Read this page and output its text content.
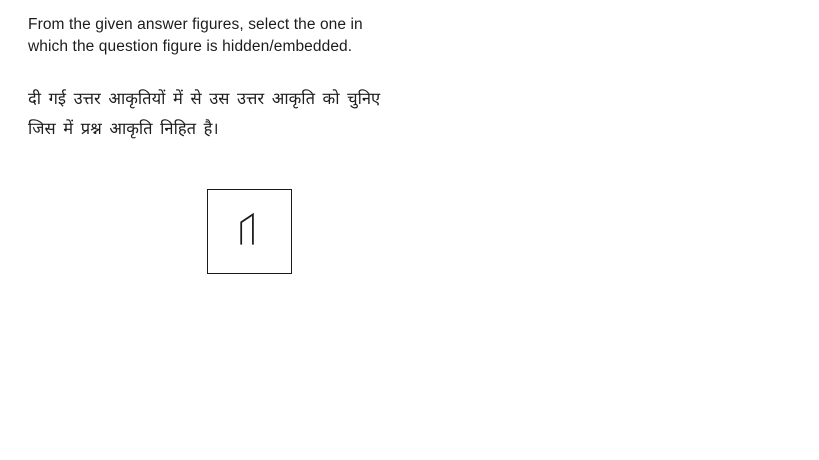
From the given answer figures, select the one in
which the question figure is hidden/embedded.
दी गई उत्तर आकृतियों में से उस उत्तर आकृति को चुनिए
जिस में प्रश्न आकृति निहित है।
